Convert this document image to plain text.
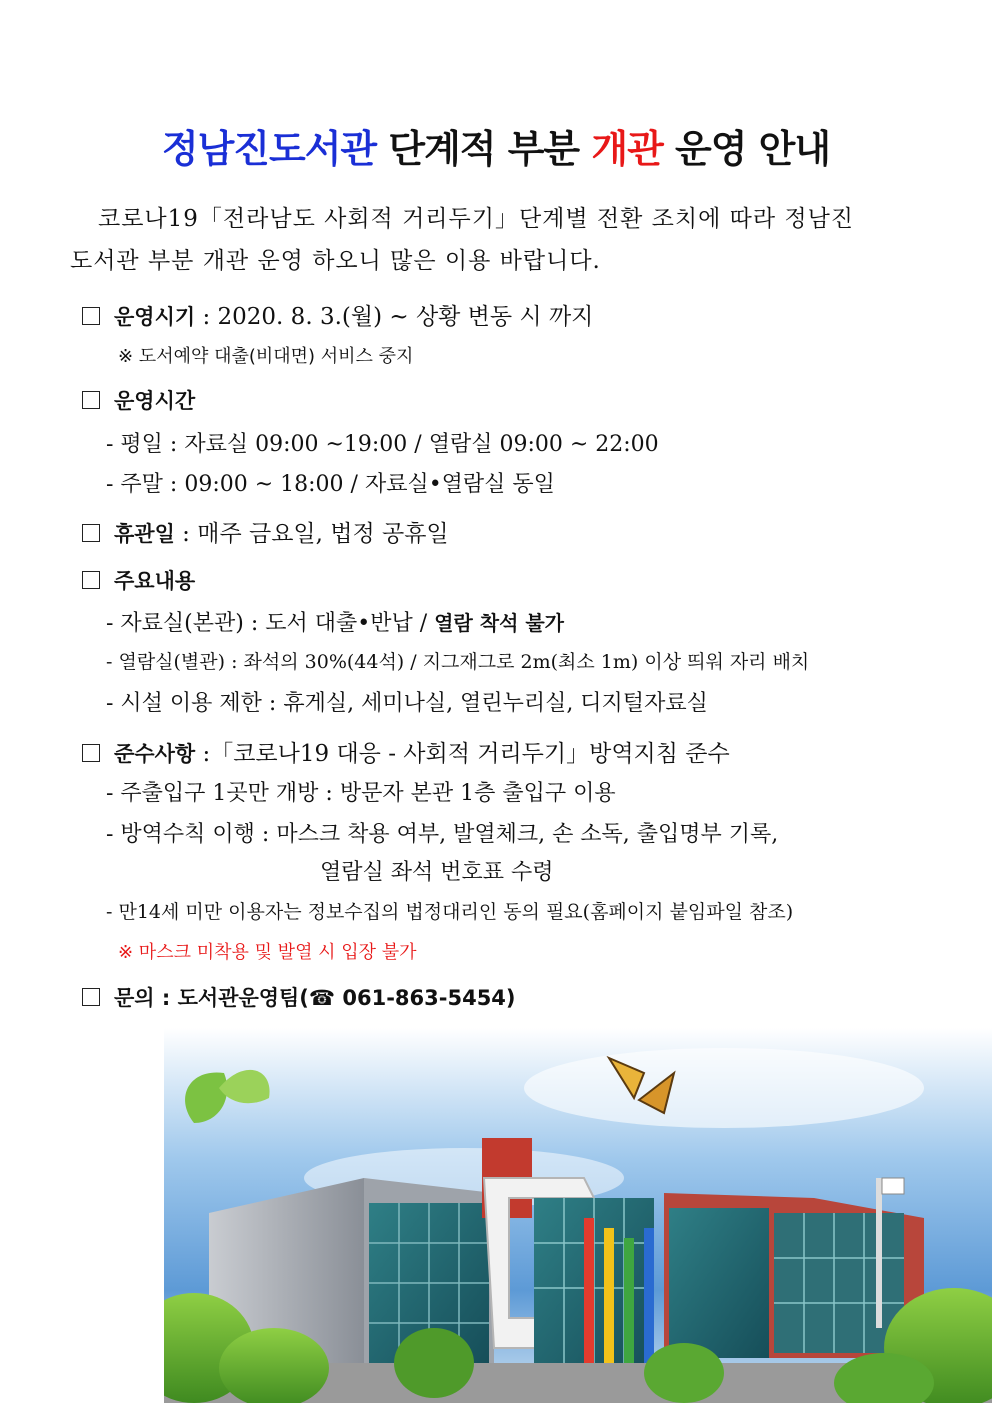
정남진도서관 단계적 부분 개관 운영 안내
코로나19「전라남도 사회적 거리두기」단계별 전환 조치에 따라 정남진
도서관 부분 개관 운영 하오니 많은 이용 바랍니다.
운영시기 : 2020. 8. 3.(월) ~ 상황 변동 시 까지
※ 도서예약 대출(비대면) 서비스 중지
운영시간
- 평일 : 자료실 09:00 ~19:00 / 열람실 09:00 ~ 22:00
- 주말 : 09:00 ~ 18:00 / 자료실•열람실 동일
휴관일 : 매주 금요일, 법정 공휴일
주요내용
- 자료실(본관) : 도서 대출•반납 / 열람 착석 불가
- 열람실(별관) : 좌석의 30%(44석) / 지그재그로 2m(최소 1m) 이상 띄워 자리 배치
- 시설 이용 제한 : 휴게실, 세미나실, 열린누리실, 디지털자료실
준수사항 :「코로나19 대응 - 사회적 거리두기」방역지침 준수
- 주출입구 1곳만 개방 : 방문자 본관 1층 출입구 이용
- 방역수칙 이행 : 마스크 착용 여부, 발열체크, 손 소독, 출입명부 기록,
열람실 좌석 번호표 수령
- 만14세 미만 이용자는 정보수집의 법정대리인 동의 필요(홈페이지 붙임파일 참조)
※ 마스크 미착용 및 발열 시 입장 불가
문의 : 도서관운영팀(☎ 061-863-5454)
